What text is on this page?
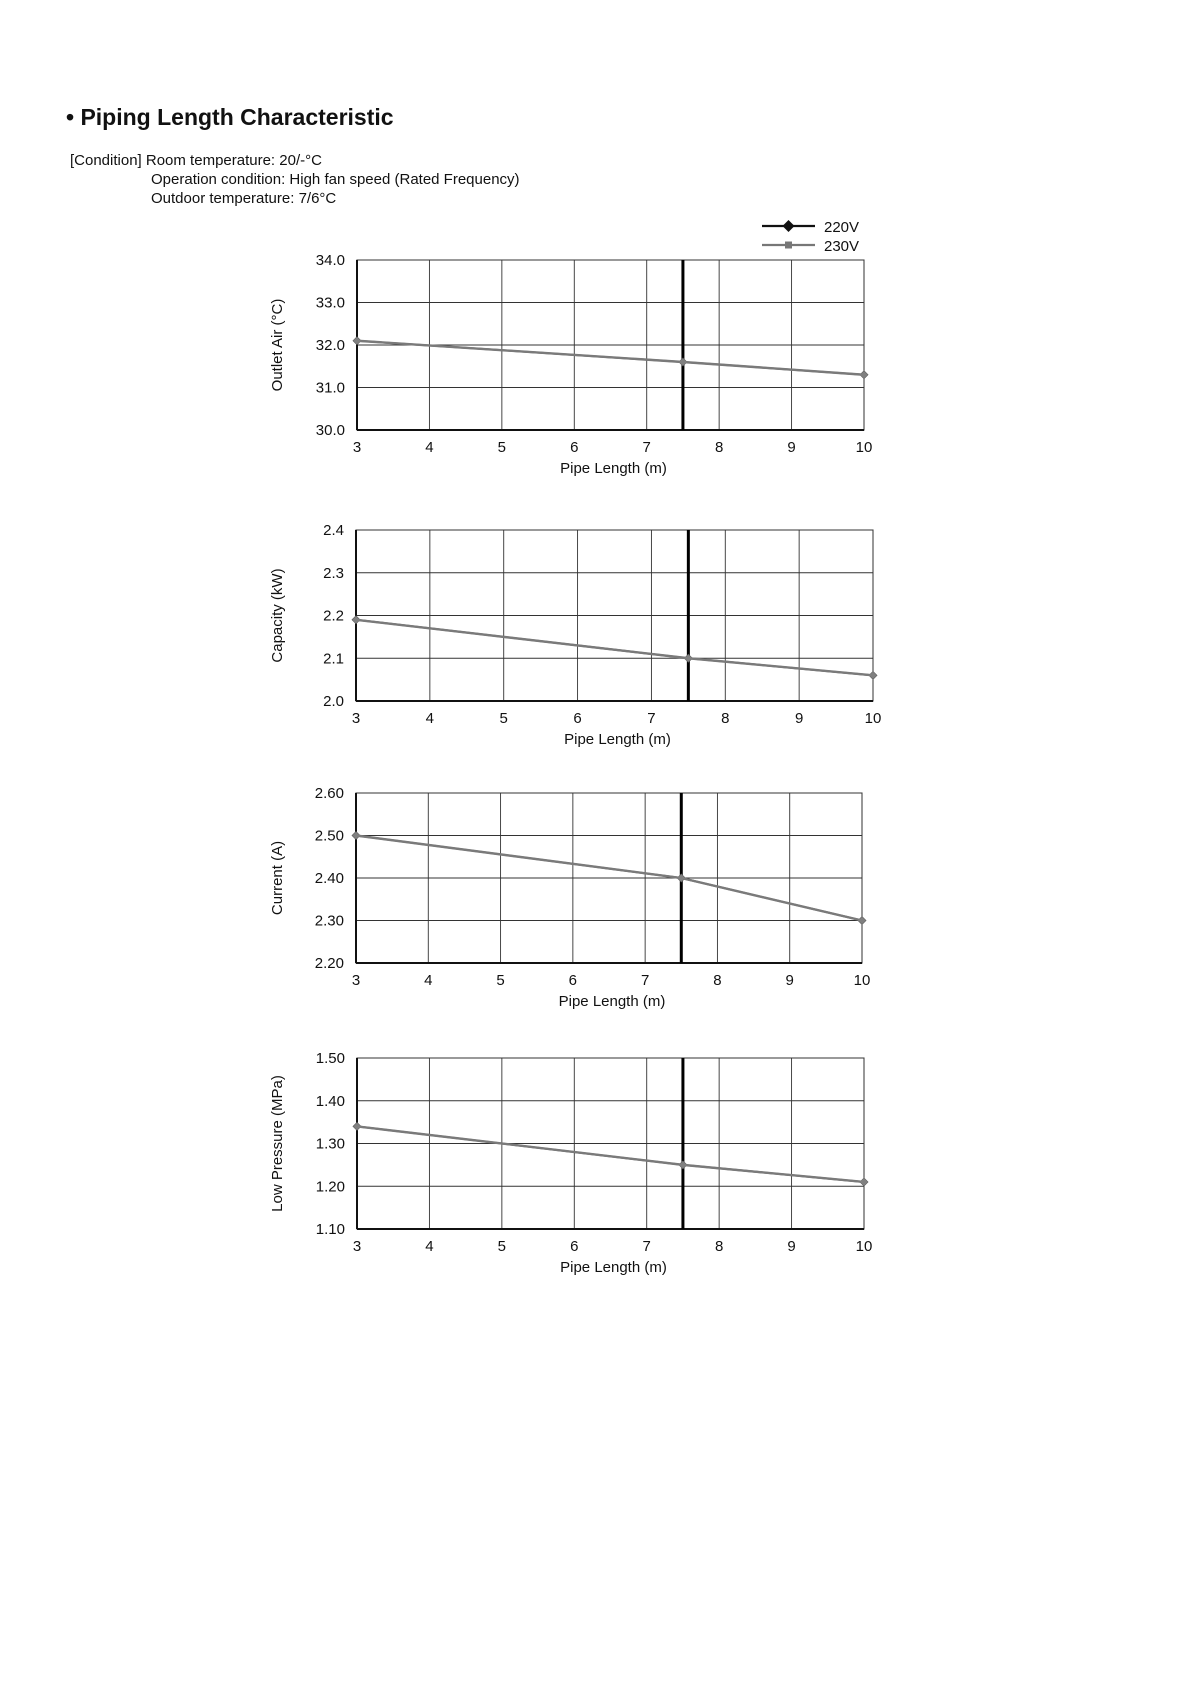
• Piping Length Characteristic
[Condition] Room temperature: 20/-°C
Operation condition: High fan speed (Rated Frequency)
Outdoor temperature: 7/6°C
220V
230V
34.0
33.0
32.0
31.0
30.0
3	4	5	6	7	8	9	10
Pipe Length (m)
Outlet Air (°C)
2.4
2.3
2.2
2.1
2.0
3	4	5	6	7	8	9	10
Pipe Length (m)
Capacity (kW)
2.60
2.50
2.40
2.30
2.20
3	4	5	6	7	8	9	10
Pipe Length (m)
Current (A)
1.50
1.40
1.30
1.20
1.10
3	4	5	6	7	8	9	10
Pipe Length (m)
Low Pressure (MPa)
